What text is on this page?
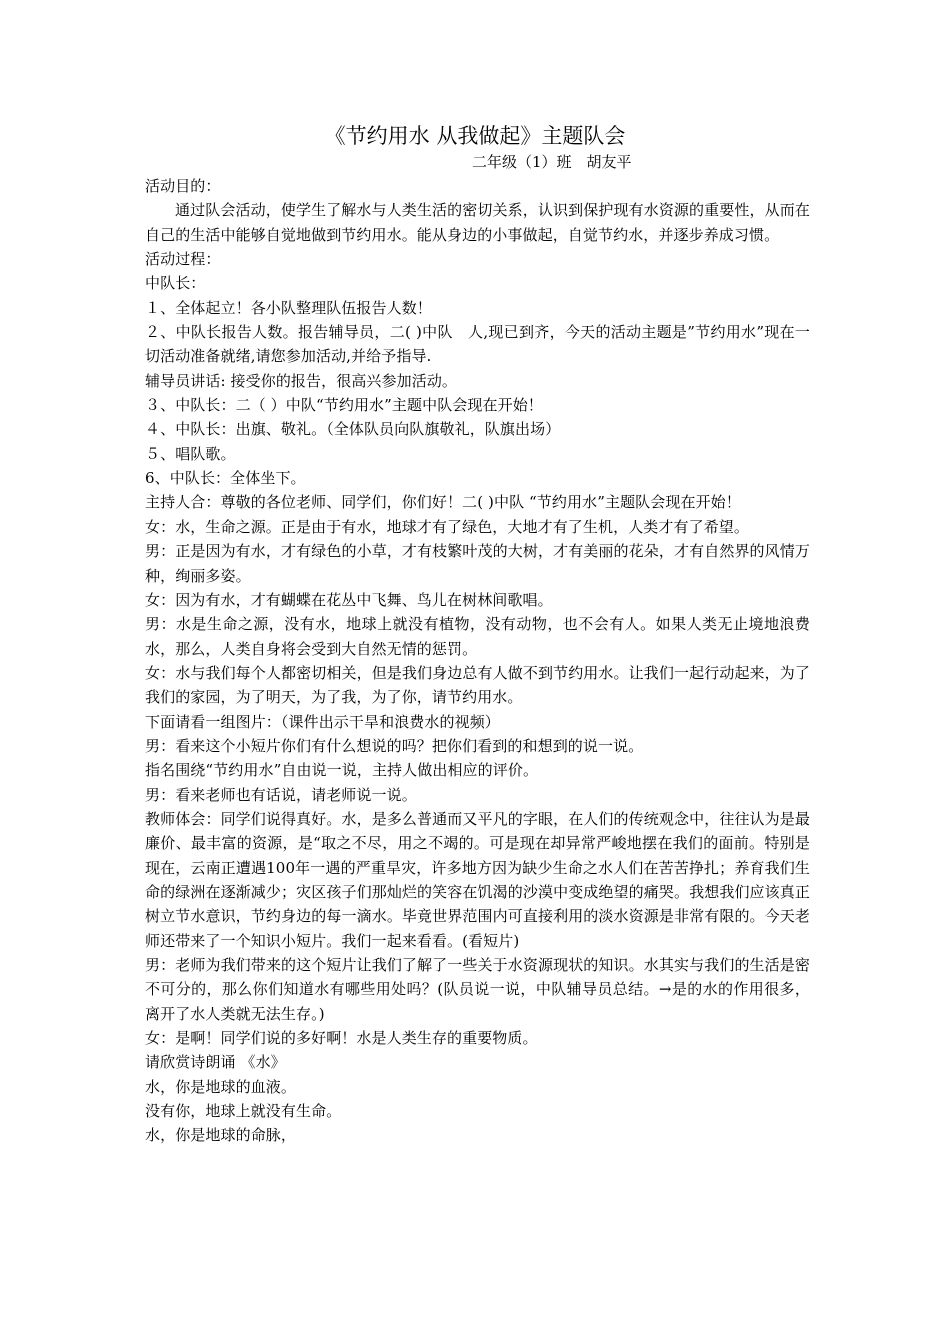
《节约用水 从我做起》主题队会
二年级（1）班　胡友平

活动目的：

通过队会活动，使学生了解水与人类生活的密切关系，认识到保护现有水资源的重要性，从而在自己的生活中能够自觉地做到节约用水。能从身边的小事做起，自觉节约水，并逐步养成习惯。

活动过程：

中队长：

１、全体起立！各小队整理队伍报告人数！

２、中队长报告人数。报告辅导员，二( )中队　人,现已到齐，今天的活动主题是”节约用水”现在一切活动准备就绪,请您参加活动,并给予指导.

辅导员讲话: 接受你的报告，很高兴参加活动。

３、中队长：二（ ）中队“节约用水”主题中队会现在开始！

４、中队长：出旗、敬礼。（全体队员向队旗敬礼，队旗出场）

５、唱队歌。

6、中队长：全体坐下。

主持人合：尊敬的各位老师、同学们，你们好！二( )中队 “节约用水”主题队会现在开始！

女：水，生命之源。正是由于有水，地球才有了绿色，大地才有了生机，人类才有了希望。

男：正是因为有水，才有绿色的小草，才有枝繁叶茂的大树，才有美丽的花朵，才有自然界的风情万种，绚丽多姿。

女：因为有水，才有蝴蝶在花丛中飞舞、鸟儿在树林间歌唱。

男：水是生命之源，没有水，地球上就没有植物，没有动物，也不会有人。如果人类无止境地浪费水，那么，人类自身将会受到大自然无情的惩罚。

女：水与我们每个人都密切相关，但是我们身边总有人做不到节约用水。让我们一起行动起来，为了我们的家园，为了明天，为了我，为了你，请节约用水。

下面请看一组图片：（课件出示干旱和浪费水的视频）

男：看来这个小短片你们有什么想说的吗？把你们看到的和想到的说一说。

指名围绕“节约用水”自由说一说，主持人做出相应的评价。

男：看来老师也有话说，请老师说一说。

教师体会：同学们说得真好。水，是多么普通而又平凡的字眼，在人们的传统观念中，往往认为是最廉价、最丰富的资源，是“取之不尽，用之不竭的。可是现在却异常严峻地摆在我们的面前。特别是现在，云南正遭遇100年一遇的严重旱灾，许多地方因为缺少生命之水人们在苦苦挣扎；养育我们生命的绿洲在逐渐减少；灾区孩子们那灿烂的笑容在饥渴的沙漠中变成绝望的痛哭。我想我们应该真正树立节水意识，节约身边的每一滴水。毕竟世界范围内可直接利用的淡水资源是非常有限的。今天老师还带来了一个知识小短片。我们一起来看看。(看短片)

男：老师为我们带来的这个短片让我们了解了一些关于水资源现状的知识。水其实与我们的生活是密不可分的，那么你们知道水有哪些用处吗？(队员说一说，中队辅导员总结。→是的水的作用很多，离开了水人类就无法生存。)

女：是啊！同学们说的多好啊！水是人类生存的重要物质。

请欣赏诗朗诵 《水》

水，你是地球的血液。

没有你，地球上就没有生命。

水，你是地球的命脉，
